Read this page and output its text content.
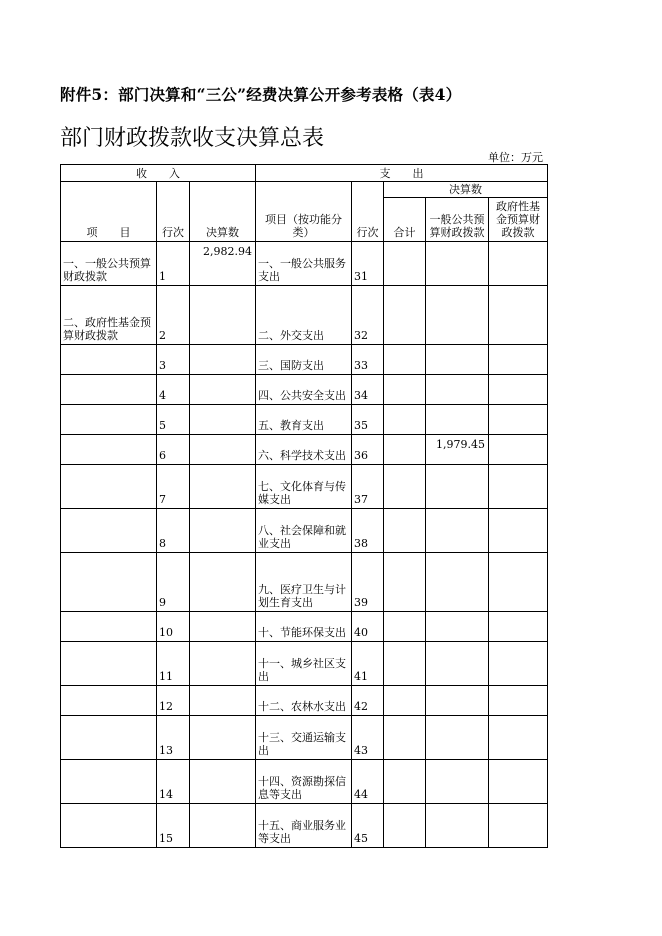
附件5：部门决算和“三公”经费决算公开参考表格（表4）
部门财政拨款收支决算总表
单位：万元
收　　入			支　　出				
项　　目	行次	决算数	项目（按功能分类）	行次	决算数		
					合计	一般公共预算财政拨款	政府性基金预算财政拨款

一、一般公共预算财政拨款	1	2,982.94	一、一般公共服务支出	31			
二、政府性基金预算财政拨款	2		二、外交支出	32			
	3		三、国防支出	33			
	4		四、公共安全支出	34			
	5		五、教育支出	35			
	6		六、科学技术支出	36		1,979.45	
	7		七、文化体育与传媒支出	37			
	8		八、社会保障和就业支出	38			
	9		九、医疗卫生与计划生育支出	39			
	10		十、节能环保支出	40			
	11		十一、城乡社区支出	41			
	12		十二、农林水支出	42			
	13		十三、交通运输支出	43			
	14		十四、资源勘探信息等支出	44			
	15		十五、商业服务业等支出	45			
